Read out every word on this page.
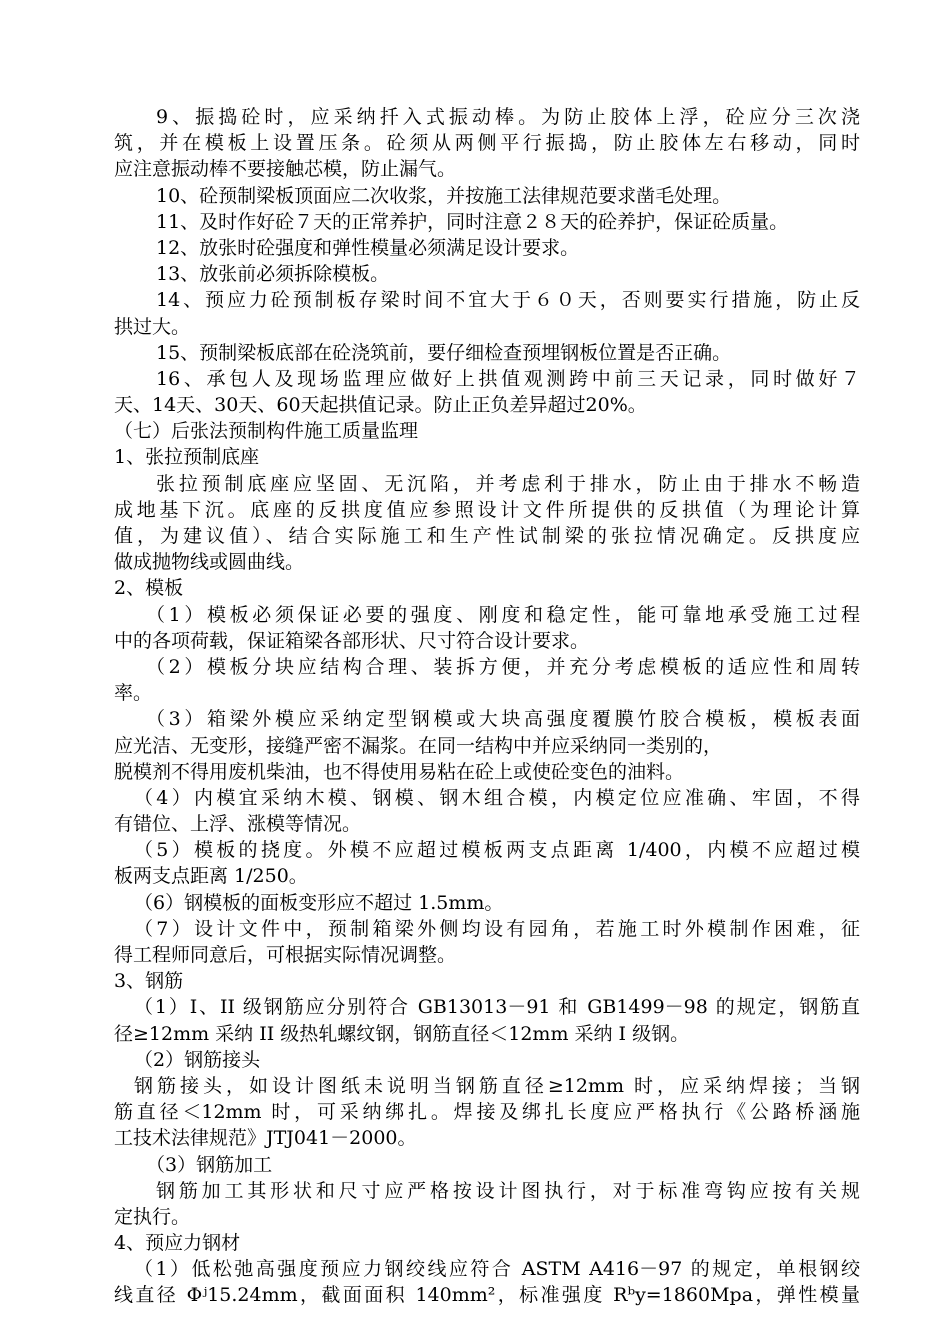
9、振捣砼时，应采纳扦入式振动棒。为防止胶体上浮，砼应分三次浇
筑，并在模板上设置压条。砼须从两侧平行振捣，防止胶体左右移动，同时
应注意振动棒不要接触芯模，防止漏气。
10、砼预制梁板顶面应二次收浆，并按施工法律规范要求凿毛处理。
11、及时作好砼７天的正常养护，同时注意２８天的砼养护，保证砼质量。
12、放张时砼强度和弹性模量必须满足设计要求。
13、放张前必须拆除模板。
14、预应力砼预制板存梁时间不宜大于６０天，否则要实行措施，防止反
拱过大。
15、预制梁板底部在砼浇筑前，要仔细检查预埋钢板位置是否正确。
16、承包人及现场监理应做好上拱值观测跨中前三天记录，同时做好７
天、14天、30天、60天起拱值记录。防止正负差异超过20%。
（七）后张法预制构件施工质量监理
1、张拉预制底座
张拉预制底座应坚固、无沉陷，并考虑利于排水，防止由于排水不畅造
成地基下沉。底座的反拱度值应参照设计文件所提供的反拱值（为理论计算
值，为建议值）、结合实际施工和生产性试制梁的张拉情况确定。反拱度应
做成抛物线或圆曲线。
2、模板
（1）模板必须保证必要的强度、刚度和稳定性，能可靠地承受施工过程
中的各项荷载，保证箱梁各部形状、尺寸符合设计要求。
（2）模板分块应结构合理、装拆方便，并充分考虑模板的适应性和周转
率。
（3）箱梁外模应采纳定型钢模或大块高强度覆膜竹胶合模板，模板表面
应光洁、无变形，接缝严密不漏浆。在同一结构中并应采纳同一类别的，
脱模剂不得用废机柴油，也不得使用易粘在砼上或使砼变色的油料。
（4）内模宜采纳木模、钢模、钢木组合模，内模定位应准确、牢固，不得
有错位、上浮、涨模等情况。
（5）模板的挠度。外模不应超过模板两支点距离 1/400，内模不应超过模
板两支点距离 1/250。
（6）钢模板的面板变形应不超过 1.5mm。
（7）设计文件中，预制箱梁外侧均设有园角，若施工时外模制作困难，征
得工程师同意后，可根据实际情况调整。
3、钢筋
（1）I、II 级钢筋应分别符合 GB13013－91 和 GB1499－98 的规定，钢筋直
径≥12mm 采纳 II 级热轧螺纹钢，钢筋直径＜12mm 采纳 I 级钢。
（2）钢筋接头
钢筋接头，如设计图纸未说明当钢筋直径≥12mm 时，应采纳焊接；当钢
筋直径＜12mm 时，可采纳绑扎。焊接及绑扎长度应严格执行《公路桥涵施
工技术法律规范》JTJ041－2000。
（3）钢筋加工
钢筋加工其形状和尺寸应严格按设计图执行，对于标准弯钩应按有关规
定执行。
4、预应力钢材
（1）低松弛高强度预应力钢绞线应符合 ASTM A416－97 的规定，单根钢绞
线直径 Φʲ15.24mm，截面面积 140mm²，标准强度 Rᵇy=1860Mpa，弹性模量
